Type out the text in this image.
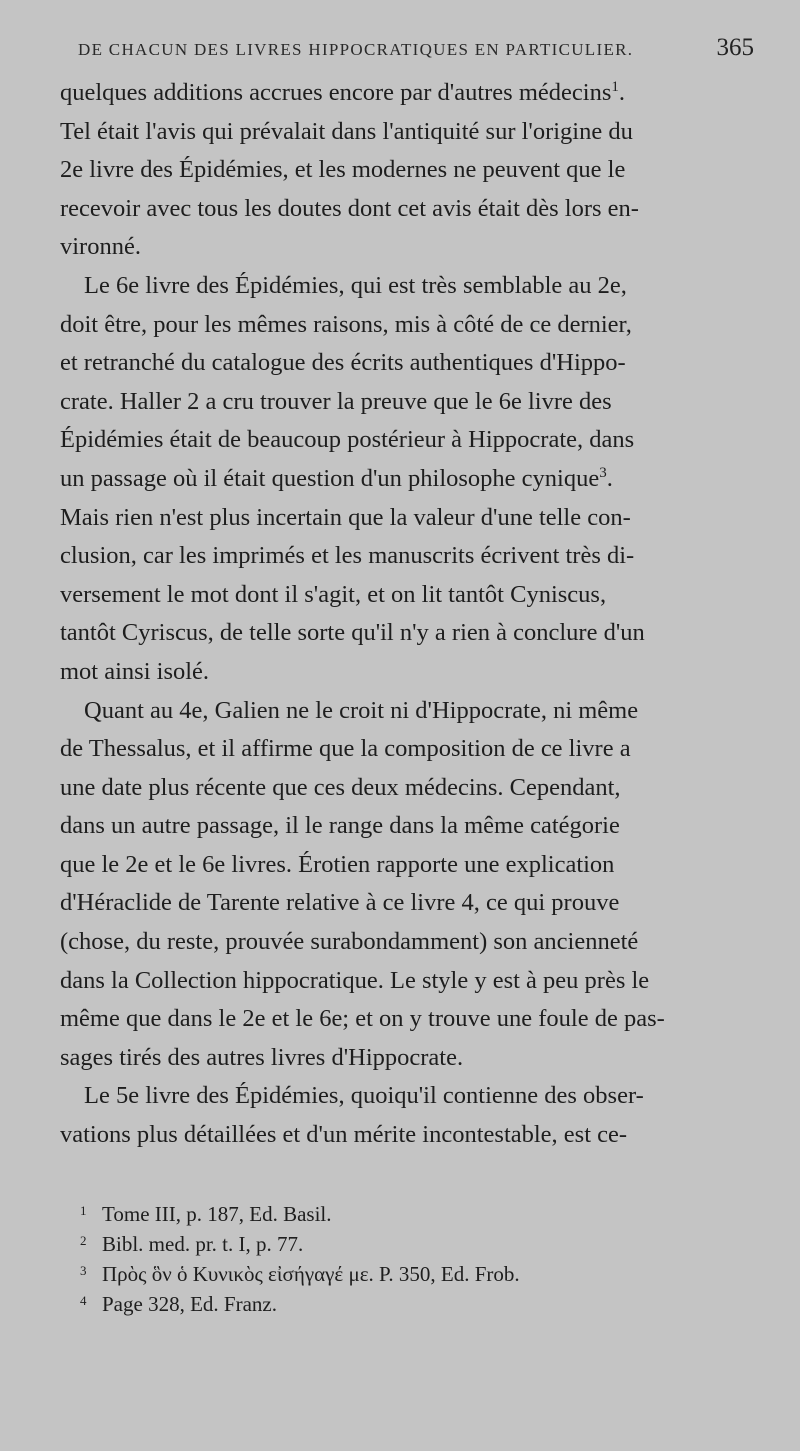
DE CHACUN DES LIVRES HIPPOCRATIQUES EN PARTICULIER.	365
quelques additions accrues encore par d'autres médecins$^1$.
Tel était l'avis qui prévalait dans l'antiquité sur l'origine du
2e livre des Épidémies, et les modernes ne peuvent que le
recevoir avec tous les doutes dont cet avis était dès lors en-
vironné.
Le 6e livre des Épidémies, qui est très semblable au 2e,
doit être, pour les mêmes raisons, mis à côté de ce dernier,
et retranché du catalogue des écrits authentiques d'Hippo-
crate. Haller 2 a cru trouver la preuve que le 6e livre des
Épidémies était de beaucoup postérieur à Hippocrate, dans
un passage où il était question d'un philosophe cynique$^3$.
Mais rien n'est plus incertain que la valeur d'une telle con-
clusion, car les imprimés et les manuscrits écrivent très di-
versement le mot dont il s'agit, et on lit tantôt Cyniscus,
tantôt Cyriscus, de telle sorte qu'il n'y a rien à conclure d'un
mot ainsi isolé.
Quant au 4e, Galien ne le croit ni d'Hippocrate, ni même
de Thessalus, et il affirme que la composition de ce livre a
une date plus récente que ces deux médecins. Cependant,
dans un autre passage, il le range dans la même catégorie
que le 2e et le 6e livres. Érotien rapporte une explication
d'Héraclide de Tarente relative à ce livre 4, ce qui prouve
(chose, du reste, prouvée surabondamment) son ancienneté
dans la Collection hippocratique. Le style y est à peu près le
même que dans le 2e et le 6e; et on y trouve une foule de pas-
sages tirés des autres livres d'Hippocrate.
Le 5e livre des Épidémies, quoiqu'il contienne des obser-
vations plus détaillées et d'un mérite incontestable, est ce-
1 Tome III, p. 187, Ed. Basil.
2 Bibl. med. pr. t. I, p. 77.
3 Πρὸς ὃν ὁ Κυνικὸς εἰσήγαγέ με. P. 350, Ed. Frob.
4 Page 328, Ed. Franz.
